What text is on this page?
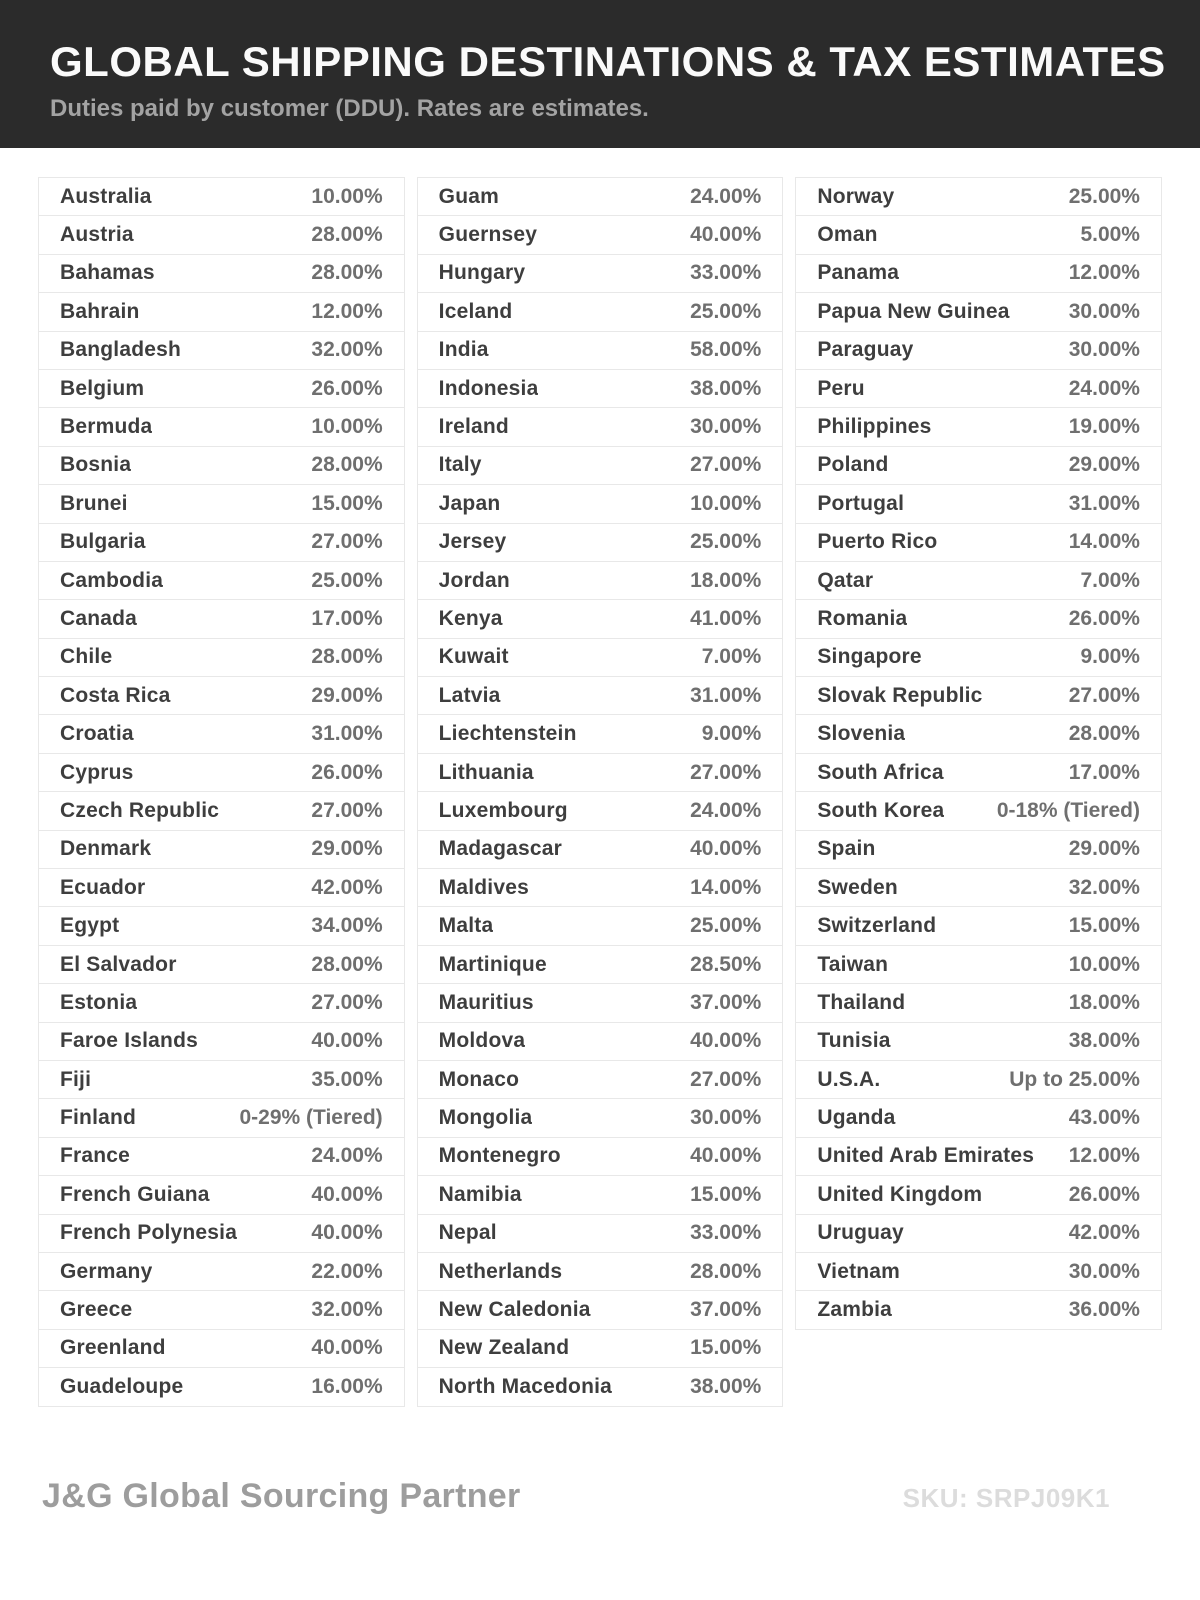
GLOBAL SHIPPING DESTINATIONS & TAX ESTIMATES

Duties paid by customer (DDU). Rates are estimates.

Australia	10.00%
Austria	28.00%
Bahamas	28.00%
Bahrain	12.00%
Bangladesh	32.00%
Belgium	26.00%
Bermuda	10.00%
Bosnia	28.00%
Brunei	15.00%
Bulgaria	27.00%
Cambodia	25.00%
Canada	17.00%
Chile	28.00%
Costa Rica	29.00%
Croatia	31.00%
Cyprus	26.00%
Czech Republic	27.00%
Denmark	29.00%
Ecuador	42.00%
Egypt	34.00%
El Salvador	28.00%
Estonia	27.00%
Faroe Islands	40.00%
Fiji	35.00%
Finland	0-29% (Tiered)
France	24.00%
French Guiana	40.00%
French Polynesia	40.00%
Germany	22.00%
Greece	32.00%
Greenland	40.00%
Guadeloupe	16.00%
Guam	24.00%
Guernsey	40.00%
Hungary	33.00%
Iceland	25.00%
India	58.00%
Indonesia	38.00%
Ireland	30.00%
Italy	27.00%
Japan	10.00%
Jersey	25.00%
Jordan	18.00%
Kenya	41.00%
Kuwait	7.00%
Latvia	31.00%
Liechtenstein	9.00%
Lithuania	27.00%
Luxembourg	24.00%
Madagascar	40.00%
Maldives	14.00%
Malta	25.00%
Martinique	28.50%
Mauritius	37.00%
Moldova	40.00%
Monaco	27.00%
Mongolia	30.00%
Montenegro	40.00%
Namibia	15.00%
Nepal	33.00%
Netherlands	28.00%
New Caledonia	37.00%
New Zealand	15.00%
North Macedonia	38.00%
Norway	25.00%
Oman	5.00%
Panama	12.00%
Papua New Guinea	30.00%
Paraguay	30.00%
Peru	24.00%
Philippines	19.00%
Poland	29.00%
Portugal	31.00%
Puerto Rico	14.00%
Qatar	7.00%
Romania	26.00%
Singapore	9.00%
Slovak Republic	27.00%
Slovenia	28.00%
South Africa	17.00%
South Korea 0-18% (Tiered)
Spain	29.00%
Sweden	32.00%
Switzerland	15.00%
Taiwan	10.00%
Thailand	18.00%
Tunisia	38.00%
U.S.A.	Up to 25.00%
Uganda	43.00%
United Arab Emirates 12.00%
United Kingdom	26.00%
Uruguay	42.00%
Vietnam	30.00%
Zambia	36.00%
J&G Global Sourcing Partner	SKU: SRPJ09K1
